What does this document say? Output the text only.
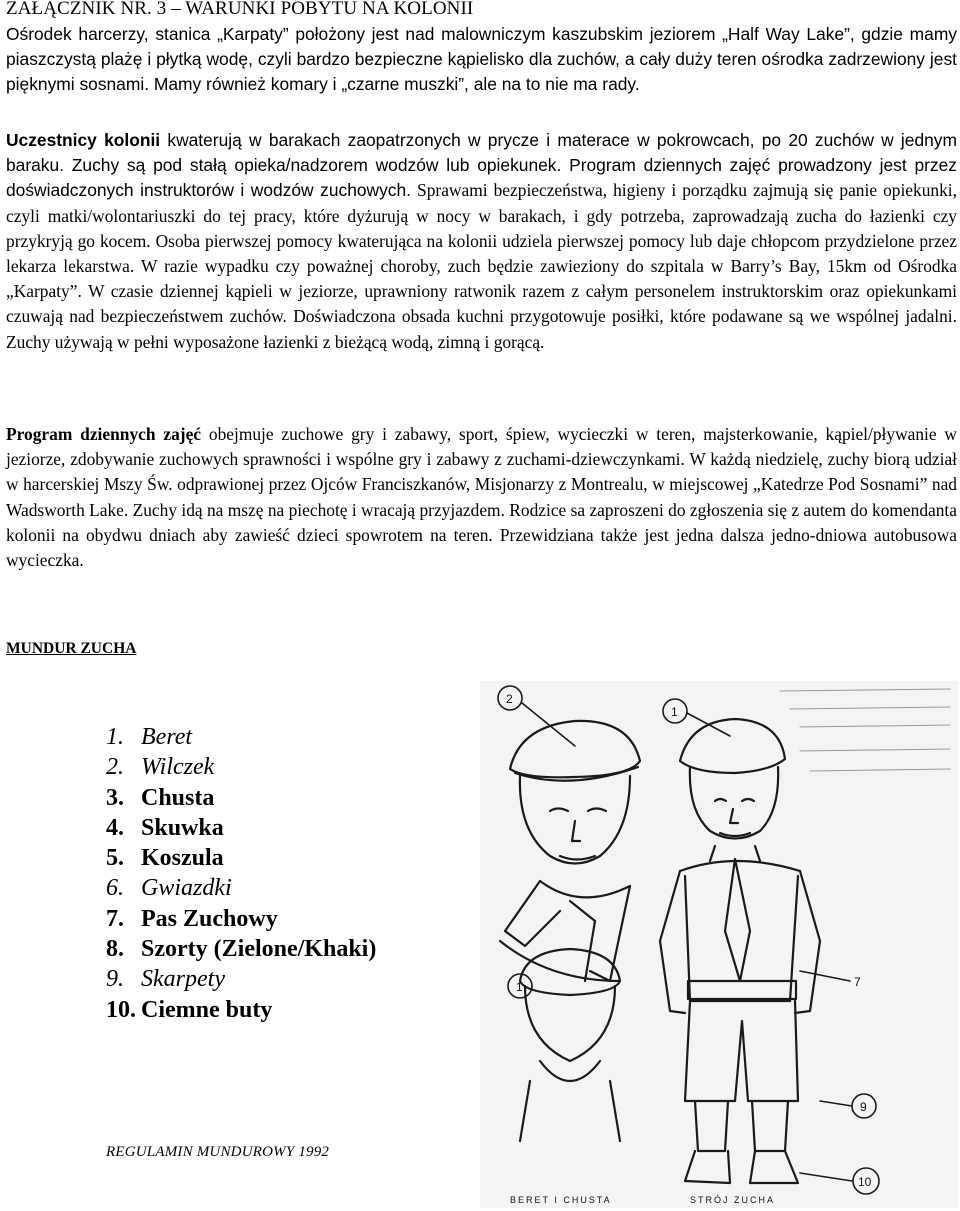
ZAŁĄCZNIK NR. 3 – WARUNKI POBYTU NA KOLONII
Ośrodek harcerzy, stanica „Karpaty” położony jest nad malowniczym kaszubskim jeziorem „Half Way Lake”, gdzie mamy piaszczystą plażę i płytką wodę, czyli bardzo bezpieczne kąpielisko dla zuchów, a cały duży teren ośrodka zadrzewiony jest pięknymi sosnami. Mamy również komary i „czarne muszki”, ale na to nie ma rady.
Uczestnicy kolonii kwaterują w barakach zaopatrzonych w prycze i materace w pokrowcach, po 20 zuchów w jednym baraku. Zuchy są pod stałą opieka/nadzorem wodzów lub opiekunek. Program dziennych zajęć prowadzony jest przez doświadczonych instruktorów i wodzów zuchowych. Sprawami bezpieczeństwa, higieny i porządku zajmują się panie opiekunki, czyli matki/wolontariuszki do tej pracy, które dyżurują w nocy w barakach, i gdy potrzeba, zaprowadzają zucha do łazienki czy przykryją go kocem. Osoba pierwszej pomocy kwaterująca na kolonii udziela pierwszej pomocy lub daje chłopcom przydzielone przez lekarza lekarstwa. W razie wypadku czy poważnej choroby, zuch będzie zawieziony do szpitala w Barry’s Bay, 15km od Ośrodka „Karpaty”. W czasie dziennej kąpieli w jeziorze, uprawniony ratwonik razem z całym personelem instruktorskim oraz opiekunkami czuwają nad bezpieczeństwem zuchów. Doświadczona obsada kuchni przygotowuje posiłki, które podawane są we wspólnej jadalni. Zuchy używają w pełni wyposażone łazienki z bieżącą wodą, zimną i gorącą.
Program dziennych zajęć obejmuje zuchowe gry i zabawy, sport, śpiew, wycieczki w teren, majsterkowanie, kąpiel/pływanie w jeziorze, zdobywanie zuchowych sprawności i wspólne gry i zabawy z zuchami-dziewczynkami. W każdą niedzielę, zuchy biorą udział w harcerskiej Mszy Św. odprawionej przez Ojców Franciszkanów, Misjonarzy z Montrealu, w miejscowej „Katedrze Pod Sosnami” nad Wadsworth Lake. Zuchy idą na mszę na piechotę i wracają przyjazdem. Rodzice sa zaproszeni do zgłoszenia się z autem do komendanta kolonii na obydwu dniach aby zawieść dzieci spowrotem na teren. Przewidziana także jest jedna dalsza jedno-dniowa autobusowa wycieczka.
MUNDUR ZUCHA
1. Beret
2. Wilczek
3. Chusta
4. Skuwka
5. Koszula
6. Gwiazdki
7. Pas Zuchowy
8. Szorty (Zielone/Khaki)
9. Skarpety
10. Ciemne buty
REGULAMIN MUNDUROWY 1992
2
1
1	7
9
10
BERET I CHUSTA	STRÓJ ZUCHA
